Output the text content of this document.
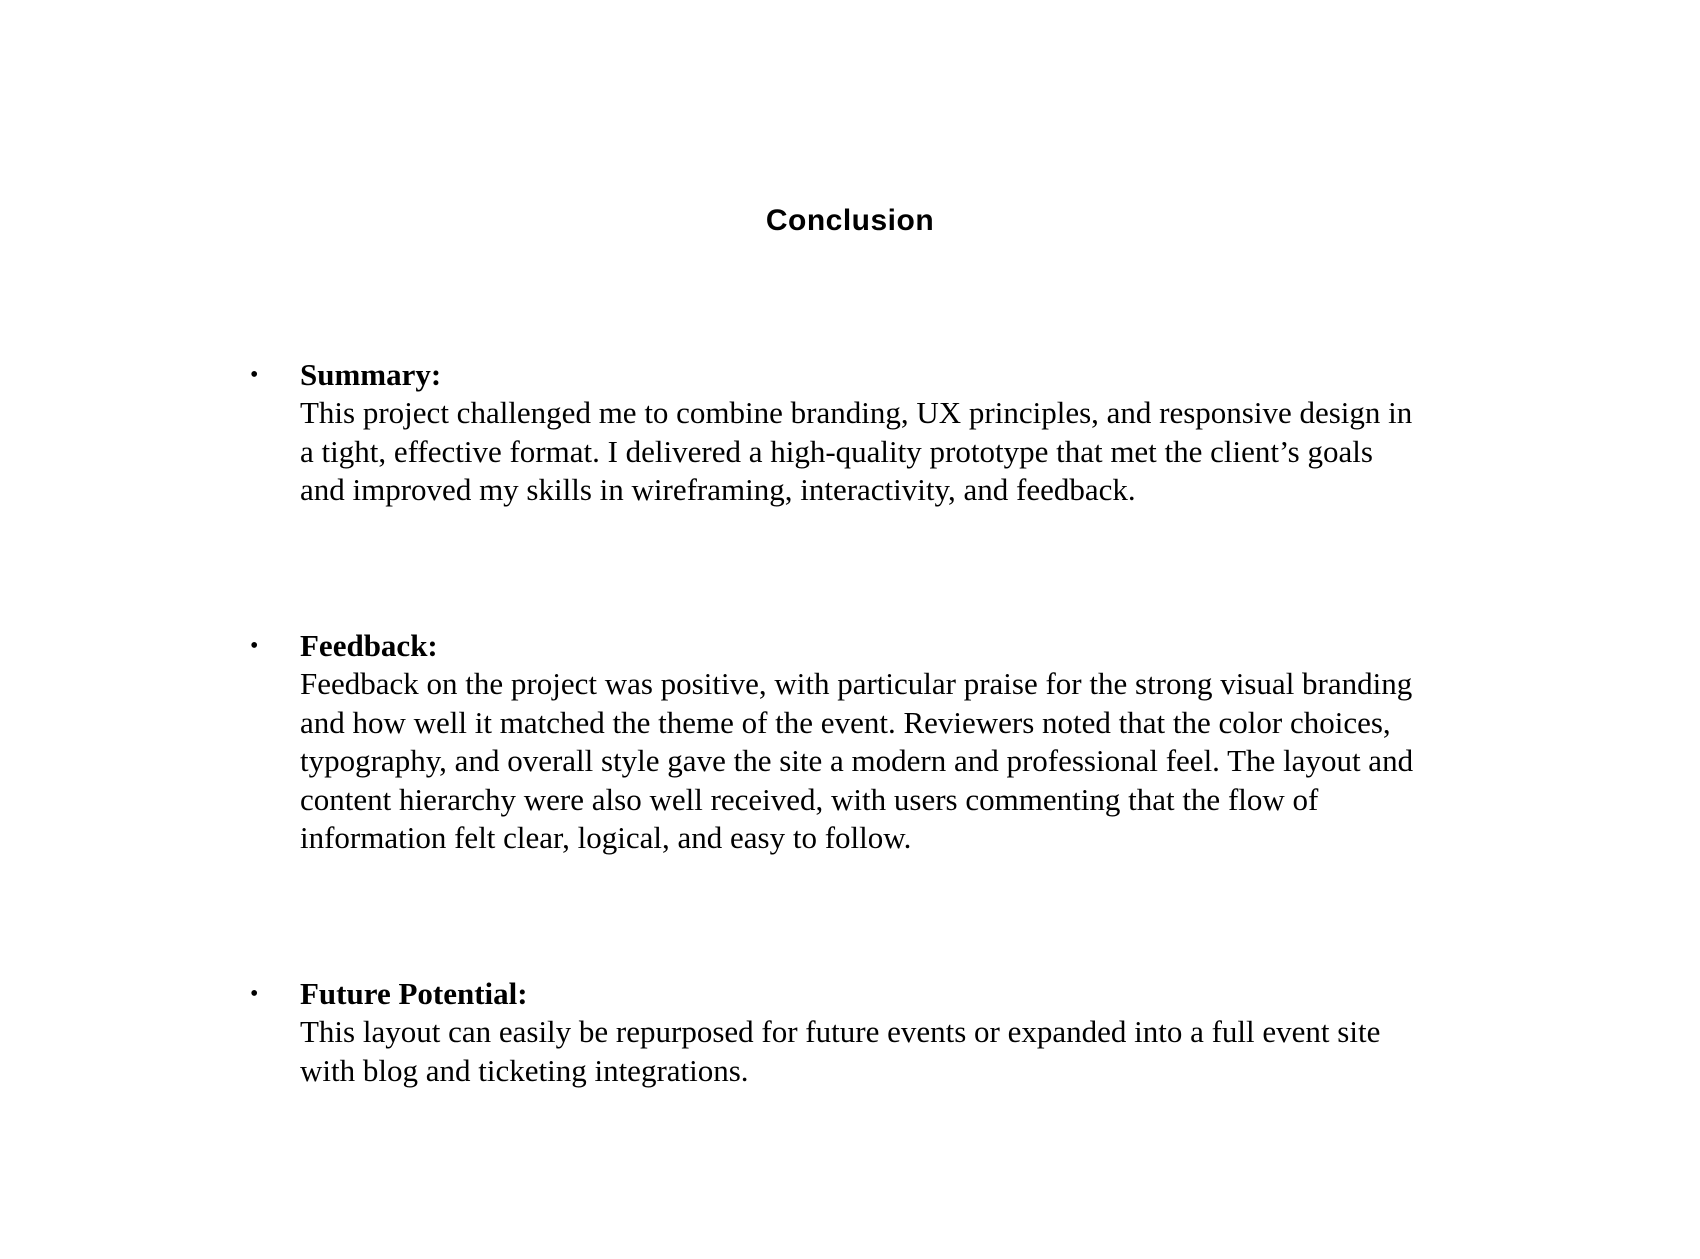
Conclusion
• Summary:
This project challenged me to combine branding, UX principles, and responsive design in
a tight, effective format. I delivered a high-quality prototype that met the client’s goals
and improved my skills in wireframing, interactivity, and feedback.
• Feedback:
Feedback on the project was positive, with particular praise for the strong visual branding
and how well it matched the theme of the event. Reviewers noted that the color choices,
typography, and overall style gave the site a modern and professional feel. The layout and
content hierarchy were also well received, with users commenting that the flow of
information felt clear, logical, and easy to follow.
• Future Potential:
This layout can easily be repurposed for future events or expanded into a full event site
with blog and ticketing integrations.
